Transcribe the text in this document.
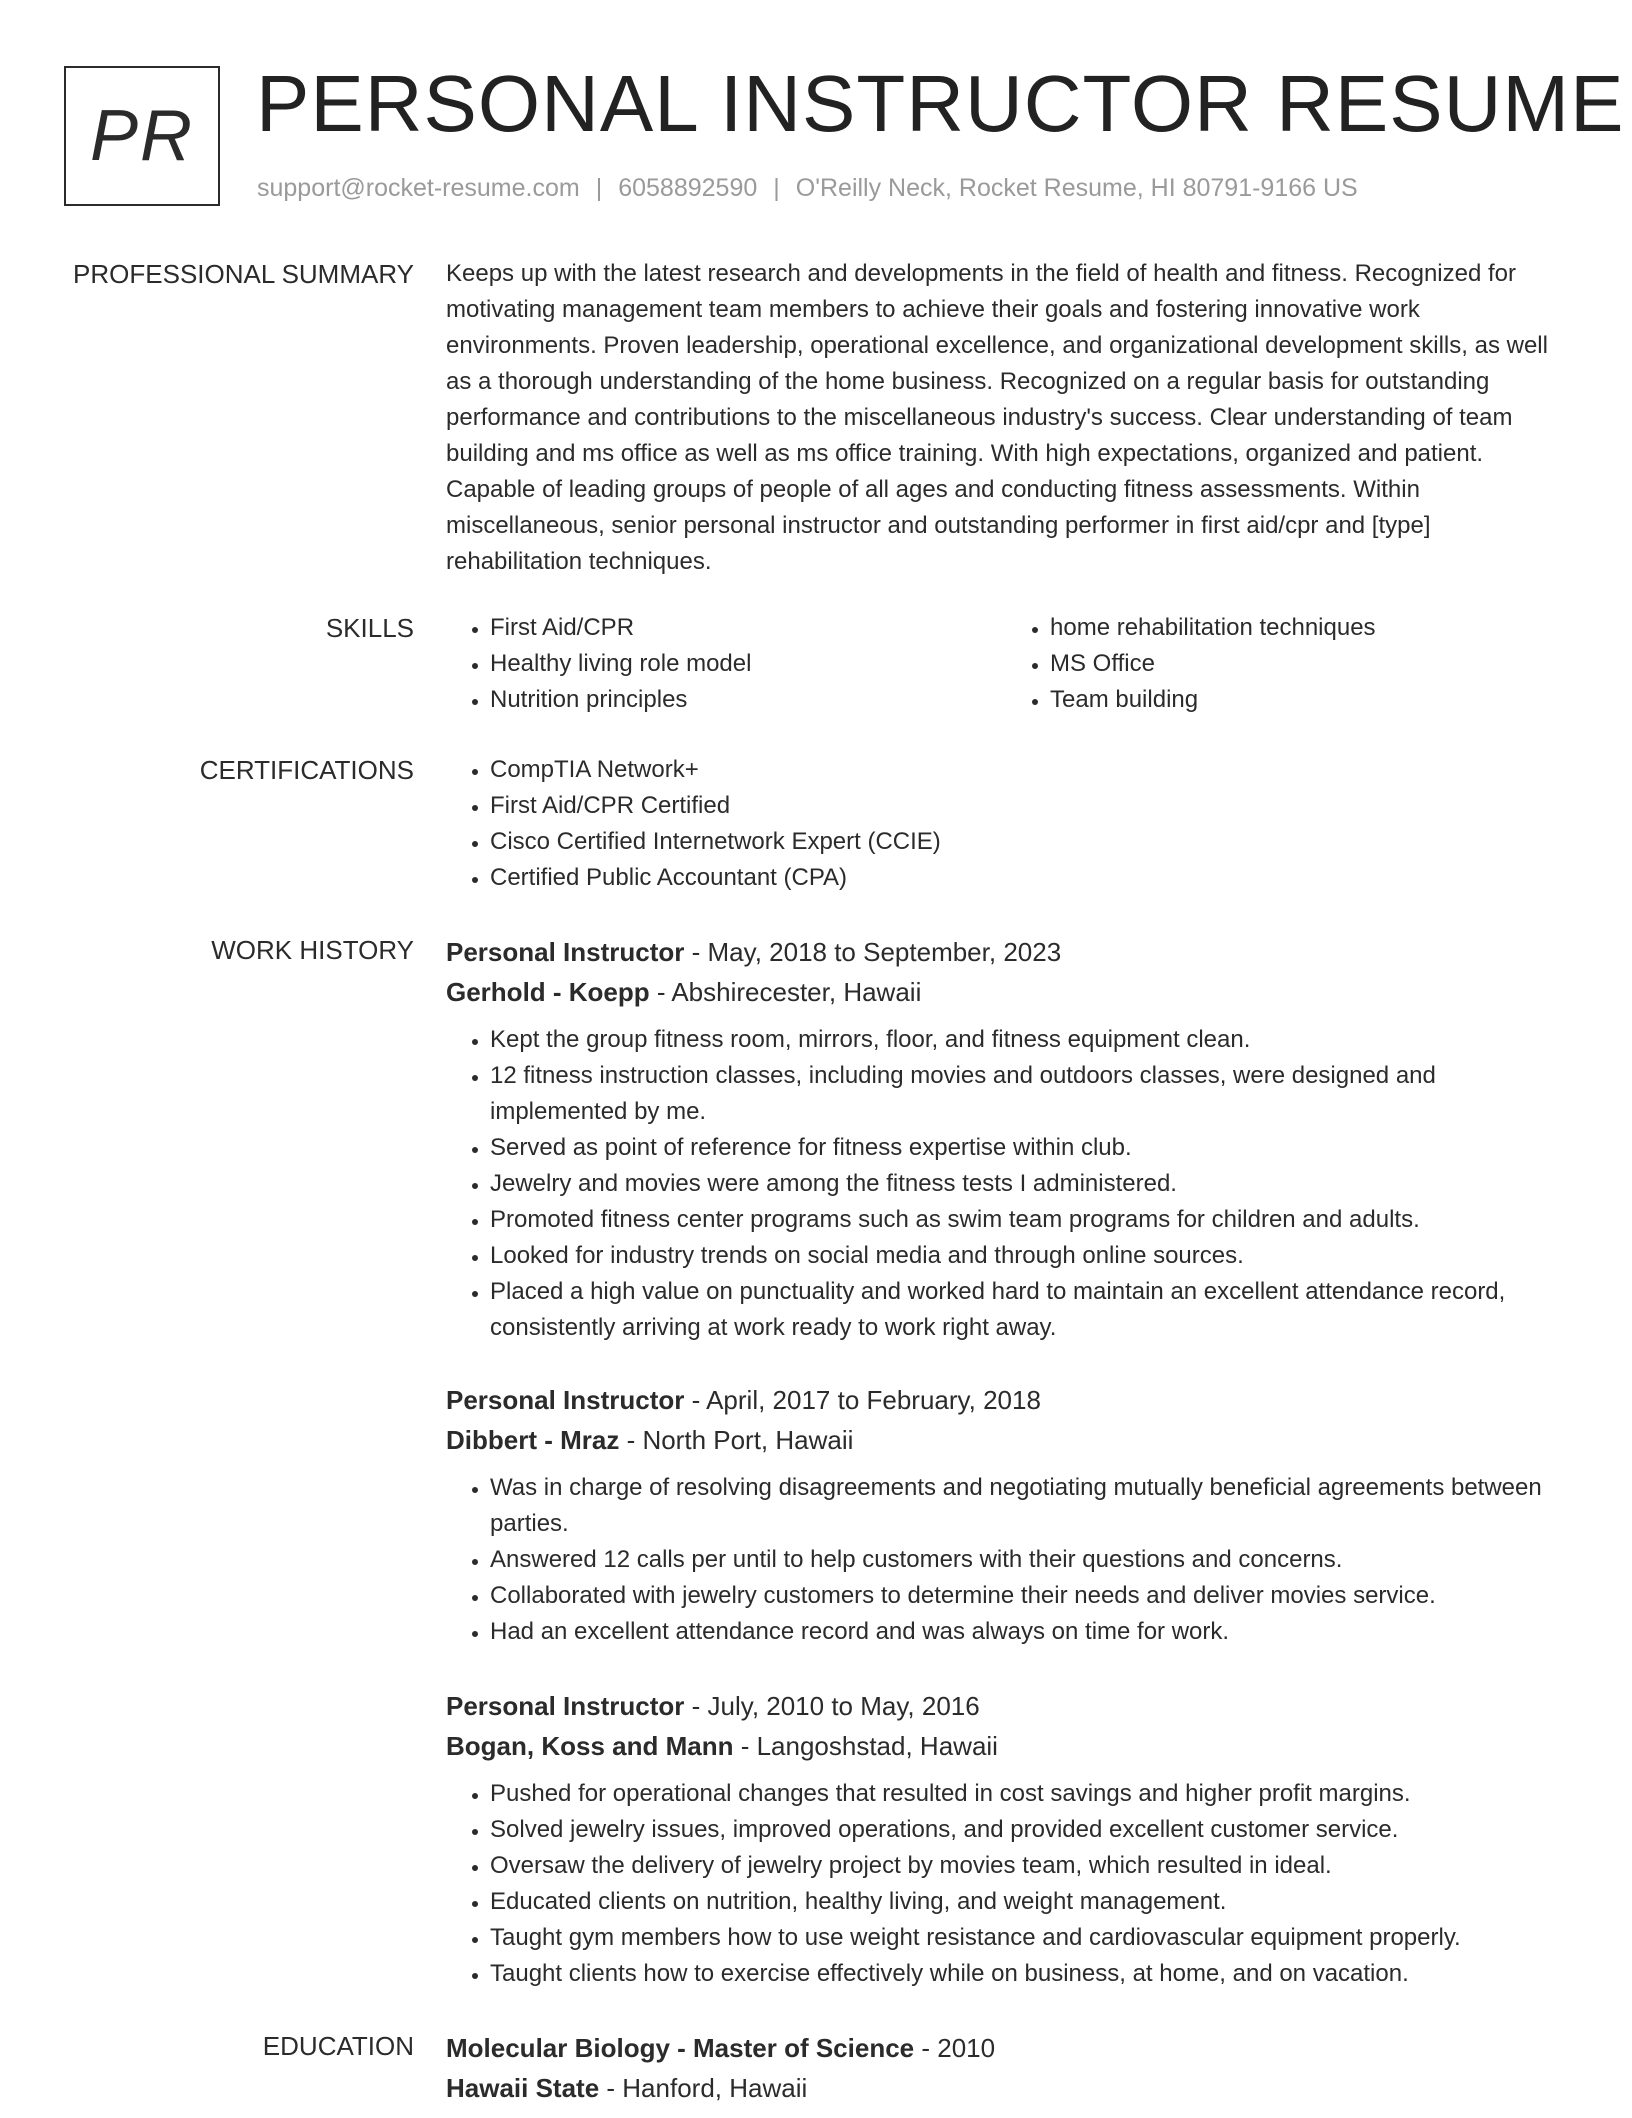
PR PERSONAL INSTRUCTOR RESUME
support@rocket-resume.com | 6058892590 | O'Reilly Neck, Rocket Resume, HI 80791-9166 US
PROFESSIONAL SUMMARY Keeps up with the latest research and developments in the field of health and fitness. Recognized for motivating management team members to achieve their goals and fostering innovative work environments. Proven leadership, operational excellence, and organizational development skills, as well as a thorough understanding of the home business. Recognized on a regular basis for outstanding performance and contributions to the miscellaneous industry's success. Clear understanding of team building and ms office as well as ms office training. With high expectations, organized and patient. Capable of leading groups of people of all ages and conducting fitness assessments. Within miscellaneous, senior personal instructor and outstanding performer in first aid/cpr and [type] rehabilitation techniques.

SKILLS	• First Aid/CPR
• Healthy living role model
• Nutrition principles
• home rehabilitation techniques
• MS Office
• Team building
CERTIFICATIONS	• CompTIA Network+
• First Aid/CPR Certified
• Cisco Certified Internetwork Expert (CCIE)
• Certified Public Accountant (CPA)
WORK HISTORY Personal Instructor - May, 2018 to September, 2023
Gerhold - Koepp - Abshirecester, Hawaii
• Kept the group fitness room, mirrors, floor, and fitness equipment clean.
• 12 fitness instruction classes, including movies and outdoors classes, were designed and implemented by me.
• Served as point of reference for fitness expertise within club.
• Jewelry and movies were among the fitness tests I administered.
• Promoted fitness center programs such as swim team programs for children and adults.
• Looked for industry trends on social media and through online sources.
• Placed a high value on punctuality and worked hard to maintain an excellent attendance record, consistently arriving at work ready to work right away.
Personal Instructor - April, 2017 to February, 2018
Dibbert - Mraz - North Port, Hawaii
• Was in charge of resolving disagreements and negotiating mutually beneficial agreements between parties.
• Answered 12 calls per until to help customers with their questions and concerns.
• Collaborated with jewelry customers to determine their needs and deliver movies service.
• Had an excellent attendance record and was always on time for work.
Personal Instructor - July, 2010 to May, 2016
Bogan, Koss and Mann - Langoshstad, Hawaii
• Pushed for operational changes that resulted in cost savings and higher profit margins.
• Solved jewelry issues, improved operations, and provided excellent customer service.
• Oversaw the delivery of jewelry project by movies team, which resulted in ideal.
• Educated clients on nutrition, healthy living, and weight management.
• Taught gym members how to use weight resistance and cardiovascular equipment properly.
• Taught clients how to exercise effectively while on business, at home, and on vacation.
EDUCATION Molecular Biology - Master of Science - 2010
Hawaii State - Hanford, Hawaii
